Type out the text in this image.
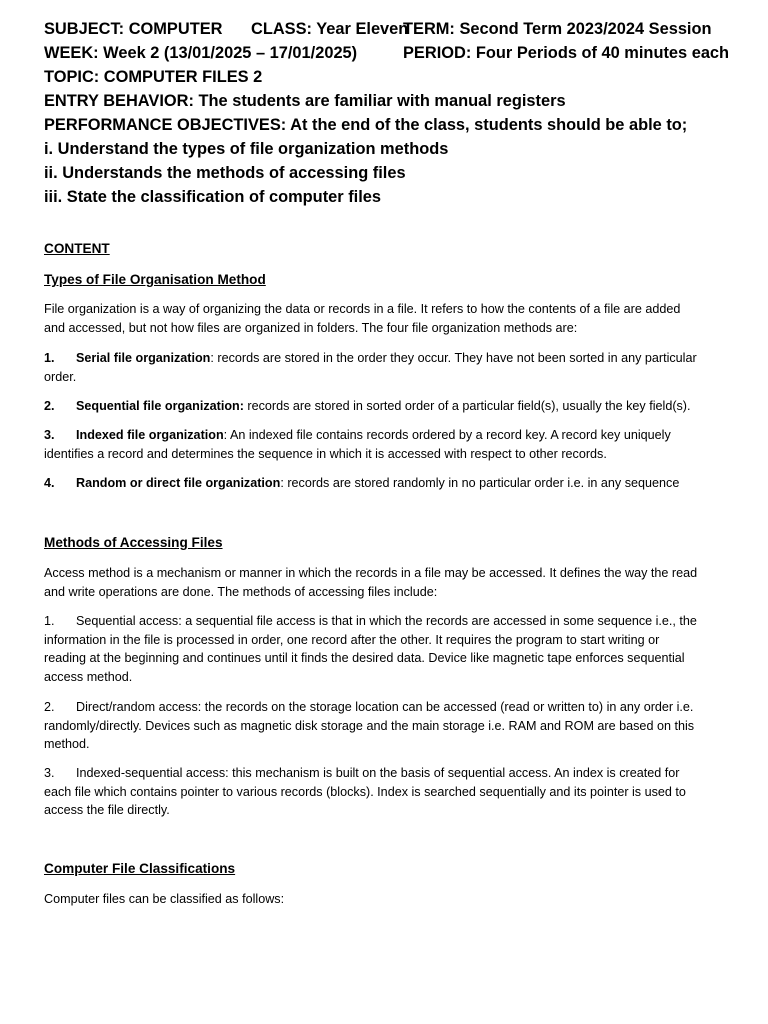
SUBJECT: COMPUTER CLASS: Year ElevenTERM: Second Term 2023/2024 Session
WEEK: Week 2 (13/01/2025 – 17/01/2025)	PERIOD: Four Periods of 40 minutes each
TOPIC: COMPUTER FILES 2
ENTRY BEHAVIOR: The students are familiar with manual registers
PERFORMANCE OBJECTIVES: At the end of the class, students should be able to;
i. Understand the types of file organization methods
ii. Understands the methods of accessing files
iii. State the classification of computer files
CONTENT
Types of File Organisation Method
File organization is a way of organizing the data or records in a file. It refers to how the contents of a file are added and accessed, but not how files are organized in folders. The four file organization methods are:
1. Serial file organization: records are stored in the order they occur. They have not been sorted in any particular order.
2. Sequential file organization: records are stored in sorted order of a particular field(s), usually the key field(s).
3. Indexed file organization: An indexed file contains records ordered by a record key. A record key uniquely identifies a record and determines the sequence in which it is accessed with respect to other records.
4. Random or direct file organization: records are stored randomly in no particular order i.e. in any sequence
Methods of Accessing Files
Access method is a mechanism or manner in which the records in a file may be accessed. It defines the way the read and write operations are done. The methods of accessing files include:
1. Sequential access: a sequential file access is that in which the records are accessed in some sequence i.e., the information in the file is processed in order, one record after the other. It requires the program to start writing or reading at the beginning and continues until it finds the desired data. Device like magnetic tape enforces sequential access method.
2. Direct/random access: the records on the storage location can be accessed (read or written to) in any order i.e. randomly/directly. Devices such as magnetic disk storage and the main storage i.e. RAM and ROM are based on this method.
3. Indexed-sequential access: this mechanism is built on the basis of sequential access. An index is created for each file which contains pointer to various records (blocks). Index is searched sequentially and its pointer is used to access the file directly.
Computer File Classifications
Computer files can be classified as follows:
